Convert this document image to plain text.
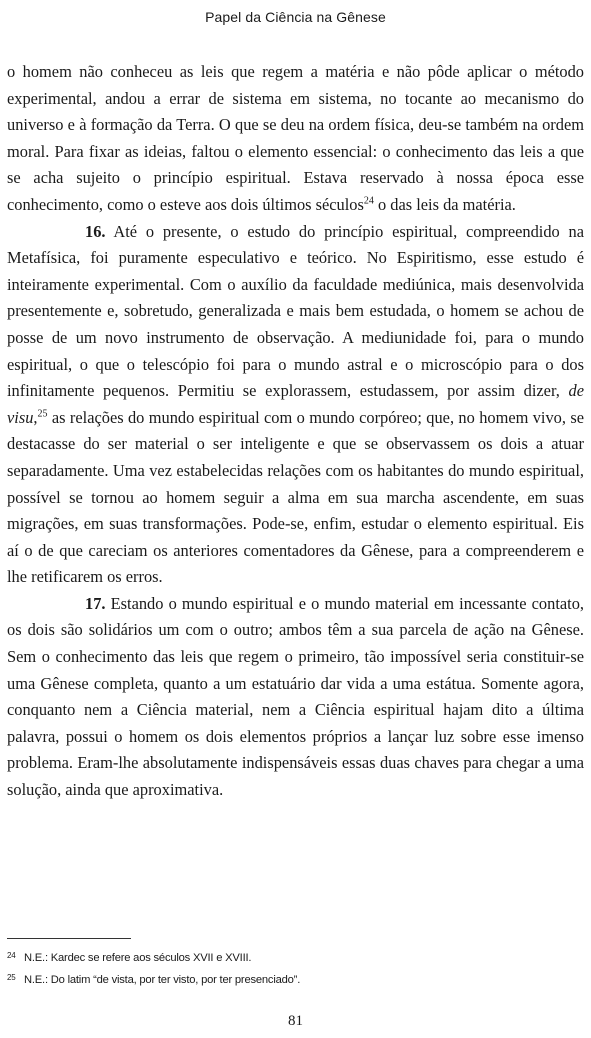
Papel da Ciência na Gênese

o homem não conheceu as leis que regem a matéria e não pôde aplicar o método experimental, andou a errar de sistema em sistema, no tocante ao mecanismo do universo e à formação da Terra. O que se deu na ordem física, deu-se também na ordem moral. Para fixar as ideias, faltou o elemento essencial: o conhecimento das leis a que se acha sujeito o princípio espiritual. Estava reservado à nossa época esse conhecimento, como o esteve aos dois últimos séculos$^{24}$ o das leis da matéria.

16. Até o presente, o estudo do princípio espiritual, compreendido na Metafísica, foi puramente especulativo e teórico. No Espiritismo, esse estudo é inteiramente experimental. Com o auxílio da faculdade mediúnica, mais desenvolvida presentemente e, sobretudo, generalizada e mais bem estudada, o homem se achou de posse de um novo instrumento de observação. A mediunidade foi, para o mundo espiritual, o que o telescópio foi para o mundo astral e o microscópio para o dos infinitamente pequenos. Permitiu se explorassem, estudassem, por assim dizer, de visu,$^{25}$ as relações do mundo espiritual com o mundo corpóreo; que, no homem vivo, se destacasse do ser material o ser inteligente e que se observassem os dois a atuar separadamente. Uma vez estabelecidas relações com os habitantes do mundo espiritual, possível se tornou ao homem seguir a alma em sua marcha ascendente, em suas migrações, em suas transformações. Pode-se, enfim, estudar o elemento espiritual. Eis aí o de que careciam os anteriores comentadores da Gênese, para a compreenderem e lhe retificarem os erros.

17. Estando o mundo espiritual e o mundo material em incessante contato, os dois são solidários um com o outro; ambos têm a sua parcela de ação na Gênese. Sem o conhecimento das leis que regem o primeiro, tão impossível seria constituir-se uma Gênese completa, quanto a um estatuário dar vida a uma estátua. Somente agora, conquanto nem a Ciência material, nem a Ciência espiritual hajam dito a última palavra, possui o homem os dois elementos próprios a lançar luz sobre esse imenso problema. Eram-lhe absolutamente indispensáveis essas duas chaves para chegar a uma solução, ainda que aproximativa.

24 N.E.: Kardec se refere aos séculos XVII e XVIII.
25 N.E.: Do latim “de vista, por ter visto, por ter presenciado”.
81
